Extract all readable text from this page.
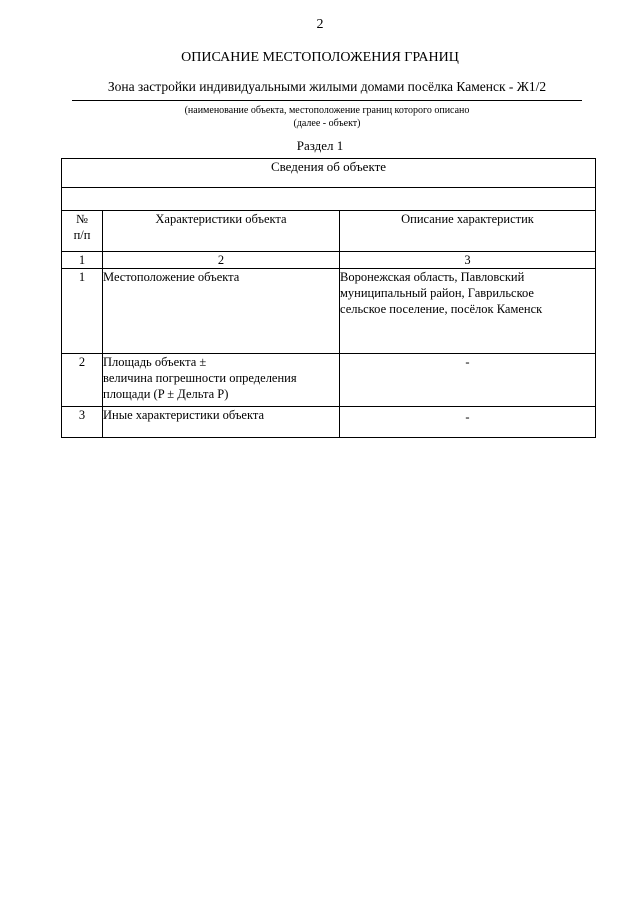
2
ОПИСАНИЕ МЕСТОПОЛОЖЕНИЯ ГРАНИЦ
Зона застройки индивидуальными жилыми домами посёлка Каменск - Ж1/2
(наименование объекта, местоположение границ которого описано
(далее - объект)
Раздел 1
Сведения об объекте		

№
п/п	Характеристики объекта	Описание характеристик
1	2	3
1	Местоположение объекта	Воронежская область, Павловский
муниципальный район, Гаврильское
сельское поселение, посёлок Каменск

2	Площадь объекта ±
величина погрешности определения
площади (P ± Дельта P)	-
3	Иные характеристики объекта	-
